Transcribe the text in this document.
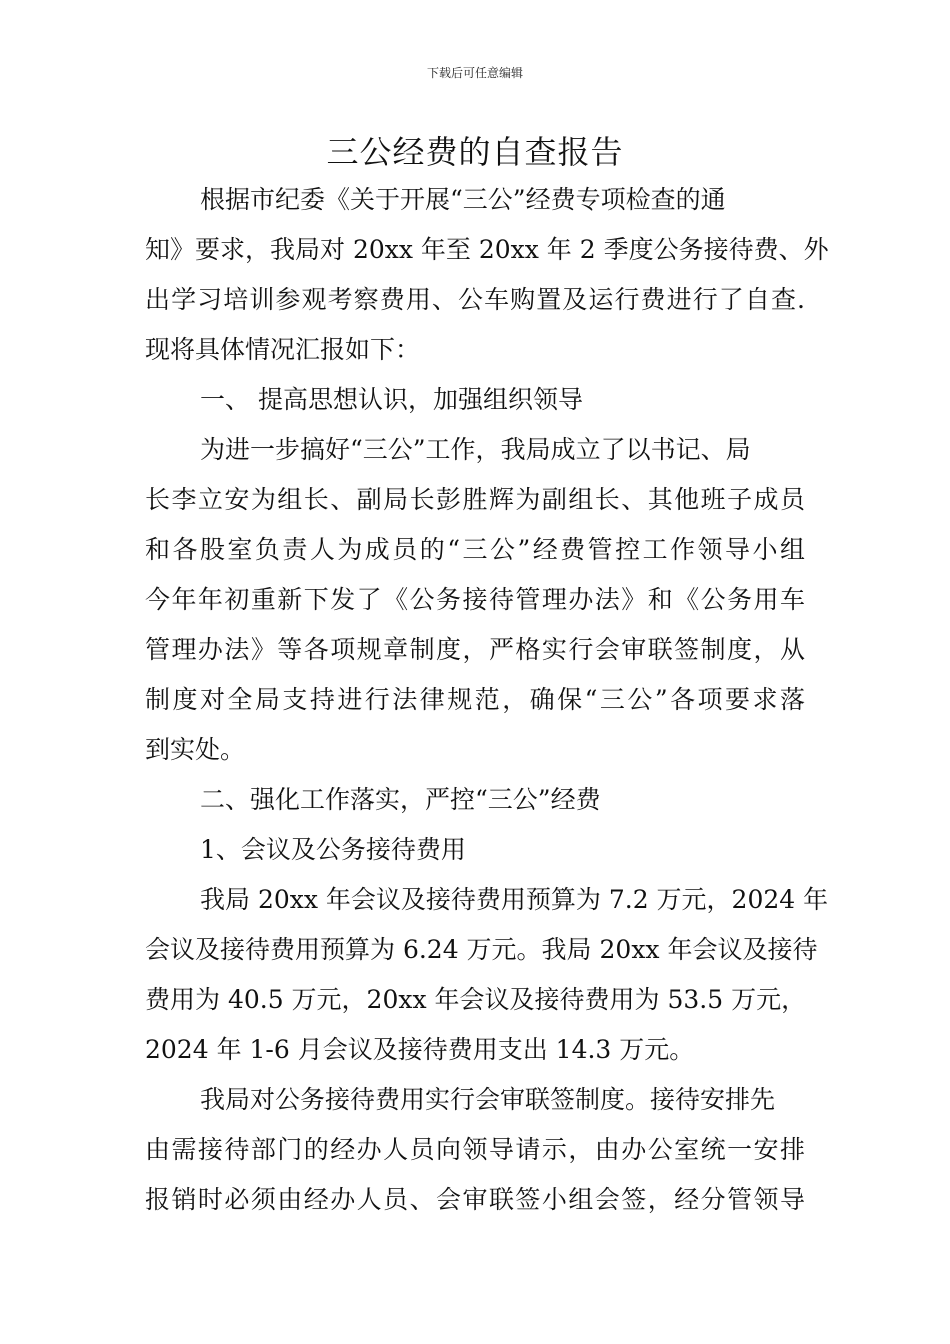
下载后可任意编辑
三公经费的自查报告
根据市纪委《关于开展“三公”经费专项检查的通
知》要求，我局对 20xx 年至 20xx 年 2 季度公务接待费、外
出学习培训参观考察费用、公车购置及运行费进行了自查.
现将具体情况汇报如下：
一、 提高思想认识，加强组织领导
为进一步搞好“三公”工作，我局成立了以书记、局
长李立安为组长、副局长彭胜辉为副组长、其他班子成员
和各股室负责人为成员的“三公”经费管控工作领导小组
今年年初重新下发了《公务接待管理办法》和《公务用车
管理办法》等各项规章制度，严格实行会审联签制度，从
制度对全局支持进行法律规范，确保“三公”各项要求落
到实处。
二、强化工作落实，严控“三公”经费
1、会议及公务接待费用
我局 20xx 年会议及接待费用预算为 7.2 万元，2024 年
会议及接待费用预算为 6.24 万元。我局 20xx 年会议及接待
费用为 40.5 万元，20xx 年会议及接待费用为 53.5 万元，
2024 年 1-6 月会议及接待费用支出 14.3 万元。
我局对公务接待费用实行会审联签制度。接待安排先
由需接待部门的经办人员向领导请示，由办公室统一安排
报销时必须由经办人员、会审联签小组会签，经分管领导
